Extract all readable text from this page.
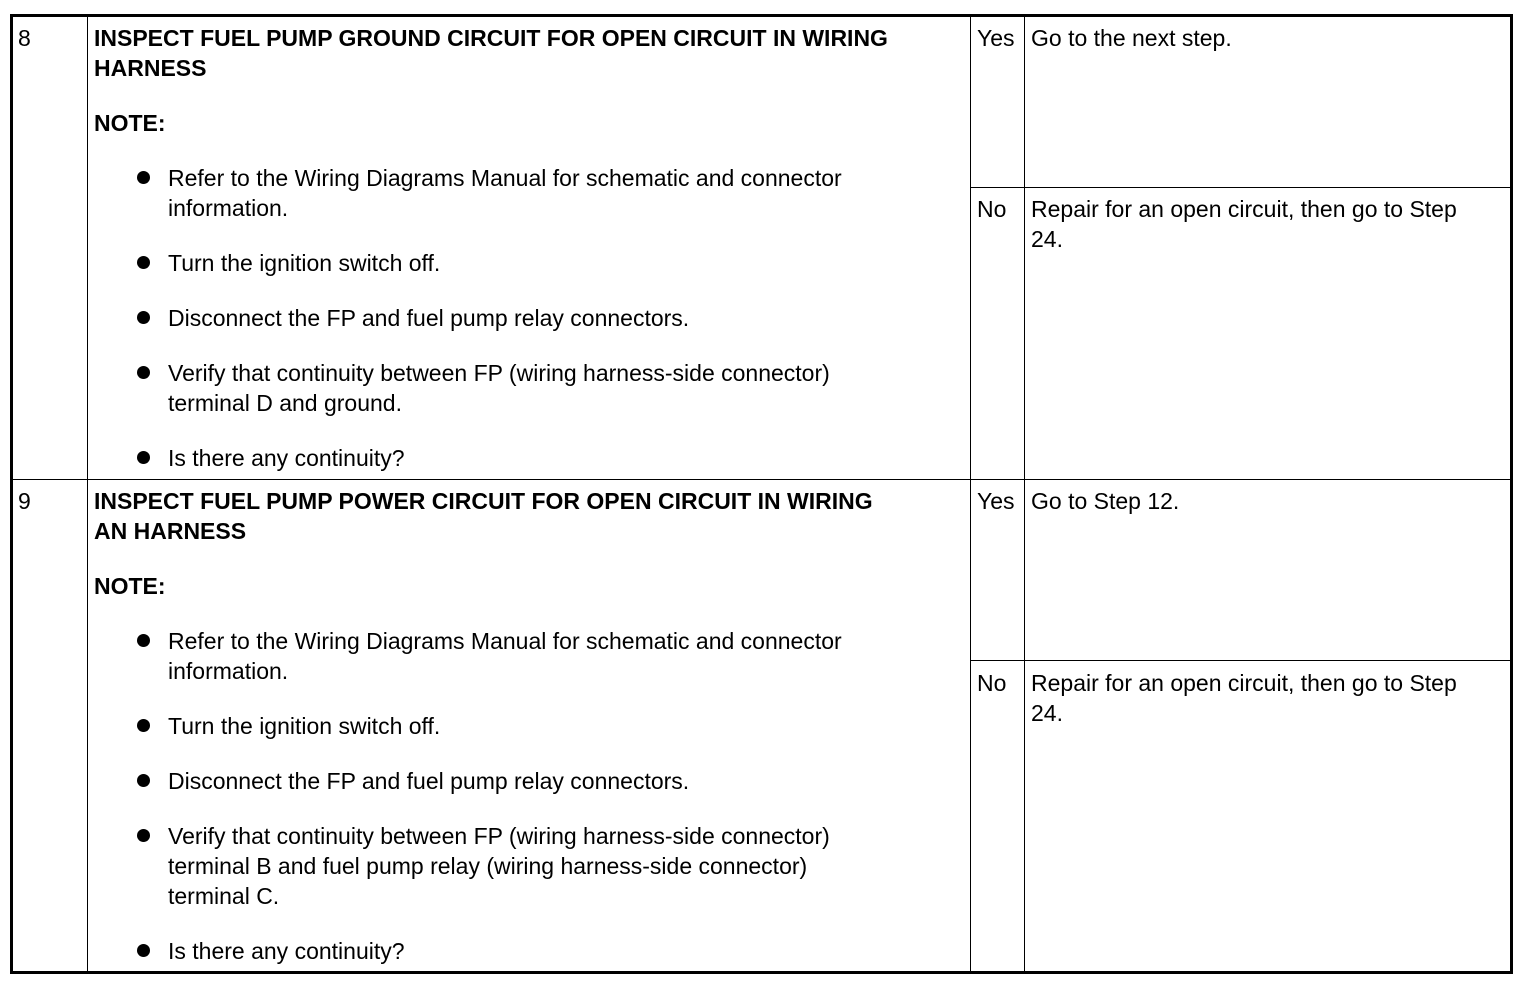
8	INSPECT FUEL PUMP GROUND CIRCUIT FOR OPEN CIRCUIT IN WIRING
HARNESS
NOTE:
Refer to the Wiring Diagrams Manual for schematic and connector
information.
Turn the ignition switch off.
Disconnect the FP and fuel pump relay connectors.
Verify that continuity between FP (wiring harness-side connector)
terminal D and ground.
Is there any continuity?
Yes Go to the next step.
No Repair for an open circuit, then go to Step
24.
9	INSPECT FUEL PUMP POWER CIRCUIT FOR OPEN CIRCUIT IN WIRING
AN HARNESS
NOTE:
Refer to the Wiring Diagrams Manual for schematic and connector
information.
Turn the ignition switch off.
Disconnect the FP and fuel pump relay connectors.
Verify that continuity between FP (wiring harness-side connector)
terminal B and fuel pump relay (wiring harness-side connector)
terminal C.
Is there any continuity?
Yes Go to Step 12.
No Repair for an open circuit, then go to Step
24.
